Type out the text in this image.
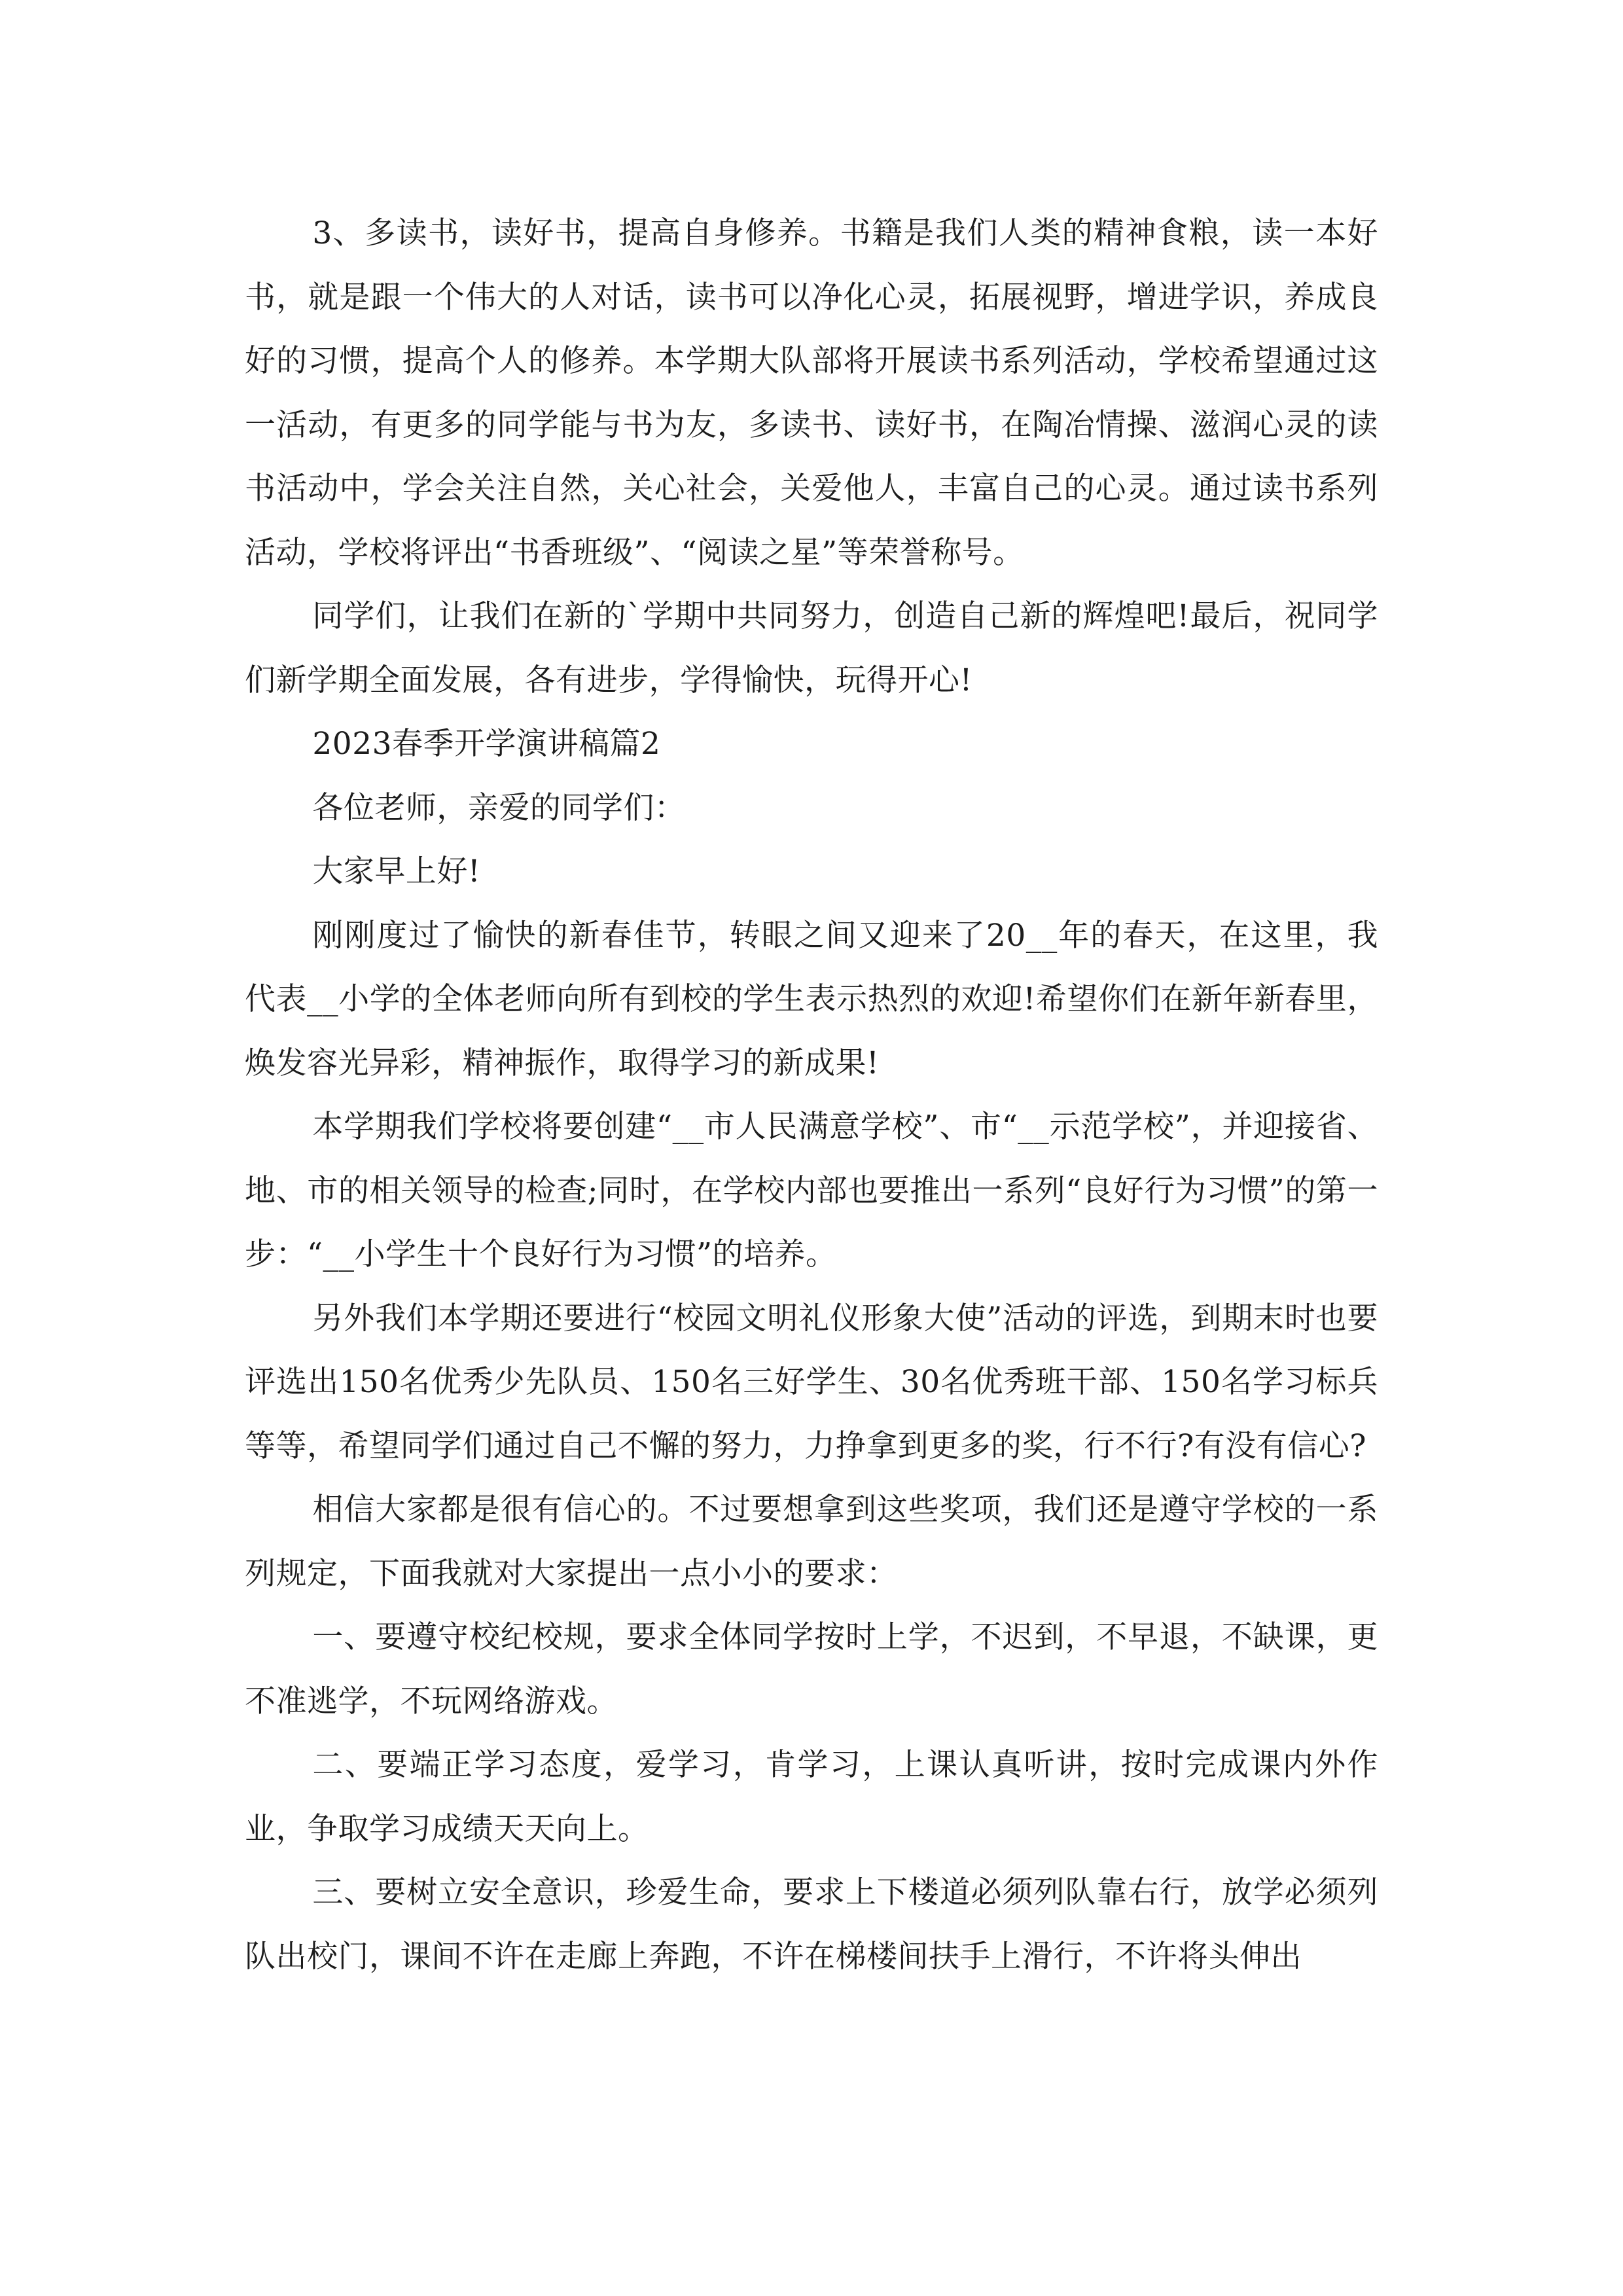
3、多读书，读好书，提高自身修养。书籍是我们人类的精神食粮，读一本好书，就是跟一个伟大的人对话，读书可以净化心灵，拓展视野，增进学识，养成良好的习惯，提高个人的修养。本学期大队部将开展读书系列活动，学校希望通过这一活动，有更多的同学能与书为友，多读书、读好书，在陶冶情操、滋润心灵的读书活动中，学会关注自然，关心社会，关爱他人，丰富自己的心灵。通过读书系列活动，学校将评出“书香班级”、“阅读之星”等荣誉称号。

同学们，让我们在新的`学期中共同努力，创造自己新的辉煌吧!最后，祝同学们新学期全面发展，各有进步，学得愉快，玩得开心!

2023春季开学演讲稿篇2

各位老师，亲爱的同学们：

大家早上好!

刚刚度过了愉快的新春佳节，转眼之间又迎来了20__年的春天，在这里，我代表__小学的全体老师向所有到校的学生表示热烈的欢迎!希望你们在新年新春里，焕发容光异彩，精神振作，取得学习的新成果!

本学期我们学校将要创建“__市人民满意学校”、市“__示范学校”，并迎接省、地、市的相关领导的检查;同时，在学校内部也要推出一系列“良好行为习惯”的第一步：“__小学生十个良好行为习惯”的培养。

另外我们本学期还要进行“校园文明礼仪形象大使”活动的评选，到期末时也要评选出150名优秀少先队员、150名三好学生、30名优秀班干部、150名学习标兵等等，希望同学们通过自己不懈的努力，力挣拿到更多的奖，行不行?有没有信心?

相信大家都是很有信心的。不过要想拿到这些奖项，我们还是遵守学校的一系列规定，下面我就对大家提出一点小小的要求：

一、要遵守校纪校规，要求全体同学按时上学，不迟到，不早退，不缺课，更不准逃学，不玩网络游戏。

二、要端正学习态度，爱学习，肯学习，上课认真听讲，按时完成课内外作业，争取学习成绩天天向上。

三、要树立安全意识，珍爱生命，要求上下楼道必须列队靠右行，放学必须列队出校门，课间不许在走廊上奔跑，不许在梯楼间扶手上滑行，不许将头伸出
